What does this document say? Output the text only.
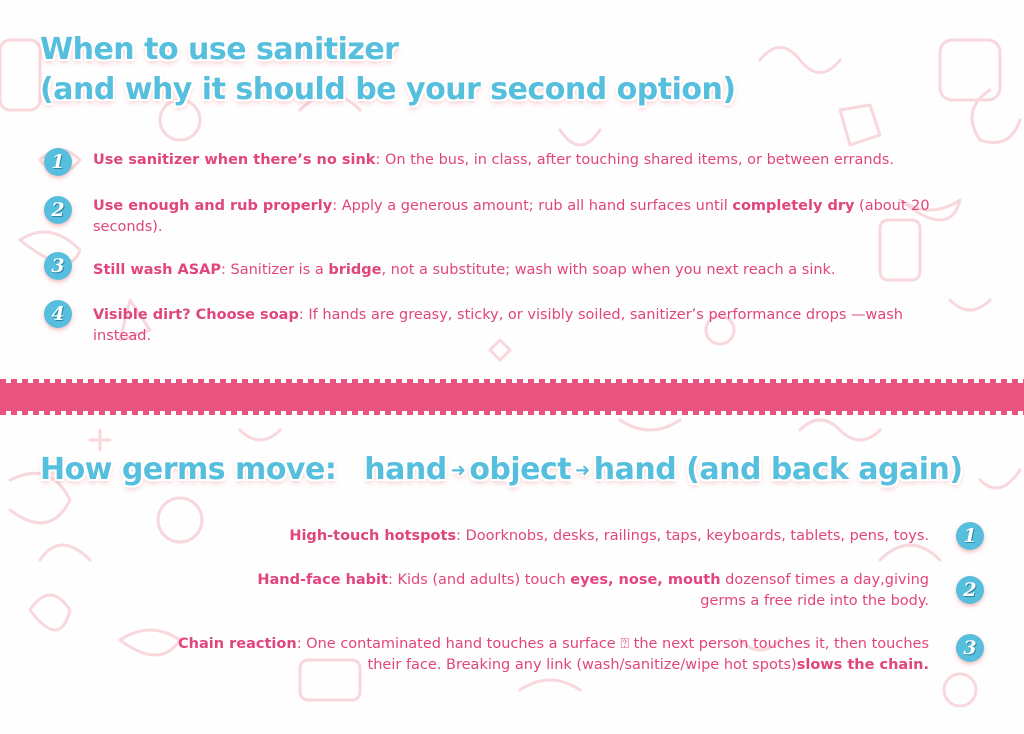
When to use sanitizer
(and why it should be your second option)
1	Use sanitizer when there’s no sink: On the bus, in class, after touching shared items, or between errands.
2	Use enough and rub properly: Apply a generous amount; rub all hand surfaces until completely dry (about 20 seconds).
3	Still wash ASAP: Sanitizer is a bridge, not a substitute; wash with soap when you next reach a sink.
4	Visible dirt? Choose soap: If hands are greasy, sticky, or visibly soiled, sanitizer’s performance drops —wash instead.
How germs move: hand ➜ object ➜ hand (and back again)
High-touch hotspots: Doorknobs, desks, railings, taps, keyboards, tablets, pens, toys.	1
Hand-face habit: Kids (and adults) touch eyes, nose, mouth dozensof times a day,giving germs a free ride into the body.	2
Chain reaction: One contaminated hand touches a surface ⍰ the next person touches it, then touches their face. Breaking any link (wash/sanitize/wipe hot spots)slows the chain.
3
